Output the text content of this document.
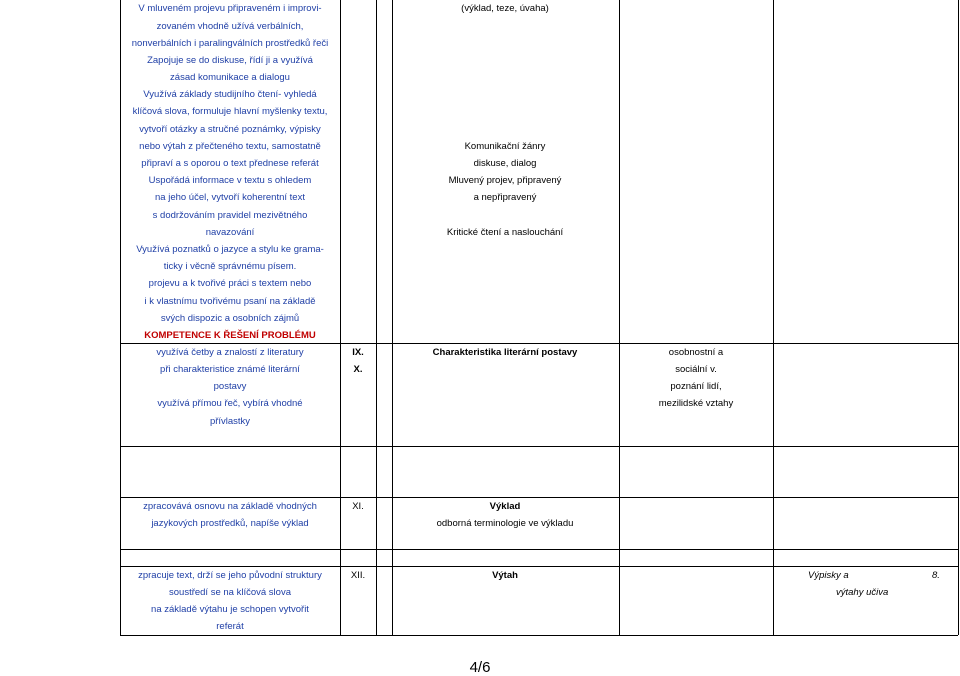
V mluveném projevu připraveném i improvi-
zovaném vhodně užívá verbálních,
nonverbálních i paralingválních prostředků řeči
Zapojuje se do diskuse, řídí ji a využívá
zásad komunikace a dialogu
Využívá základy studijního čtení- vyhledá
klíčová slova, formuluje hlavní myšlenky textu,
vytvoří otázky a stručné poznámky, výpisky
nebo výtah z přečteného textu, samostatně
připraví a s oporou o text přednese referát
Uspořádá informace v textu s ohledem
na jeho účel, vytvoří koherentní text
s dodržováním pravidel mezivětného
navazování
Využívá poznatků o jazyce a stylu ke grama-
ticky i věcně správnému písem.
projevu a k tvořivé práci s textem nebo
i k vlastnímu tvořivému psaní na základě
svých dispozic a osobních zájmů
KOMPETENCE K ŘEŠENÍ PROBLÉMU
využívá četby a znalostí z literatury
při charakteristice známé literární
postavy
využívá přímou řeč, vybírá vhodné
přívlastky
zpracovává osnovu na základě vhodných
jazykových prostředků, napíše výklad
zpracuje text, drží se jeho původní struktury
soustředí se na klíčová slova
na základě výtahu je schopen vytvořit
referát
IX.
X.
XI.
XII.
(výklad, teze, úvaha)
Komunikační žánry
diskuse, dialog
Mluvený projev, připravený
a nepřipravený
Kritické čtení a naslouchání
Charakteristika literární postavy
Výklad
odborná terminologie ve výkladu
Výtah
osobnostní a
sociální v.
poznání lidí,
mezilidské vztahy
Výpisky a	8.
výtahy učiva
4/6
